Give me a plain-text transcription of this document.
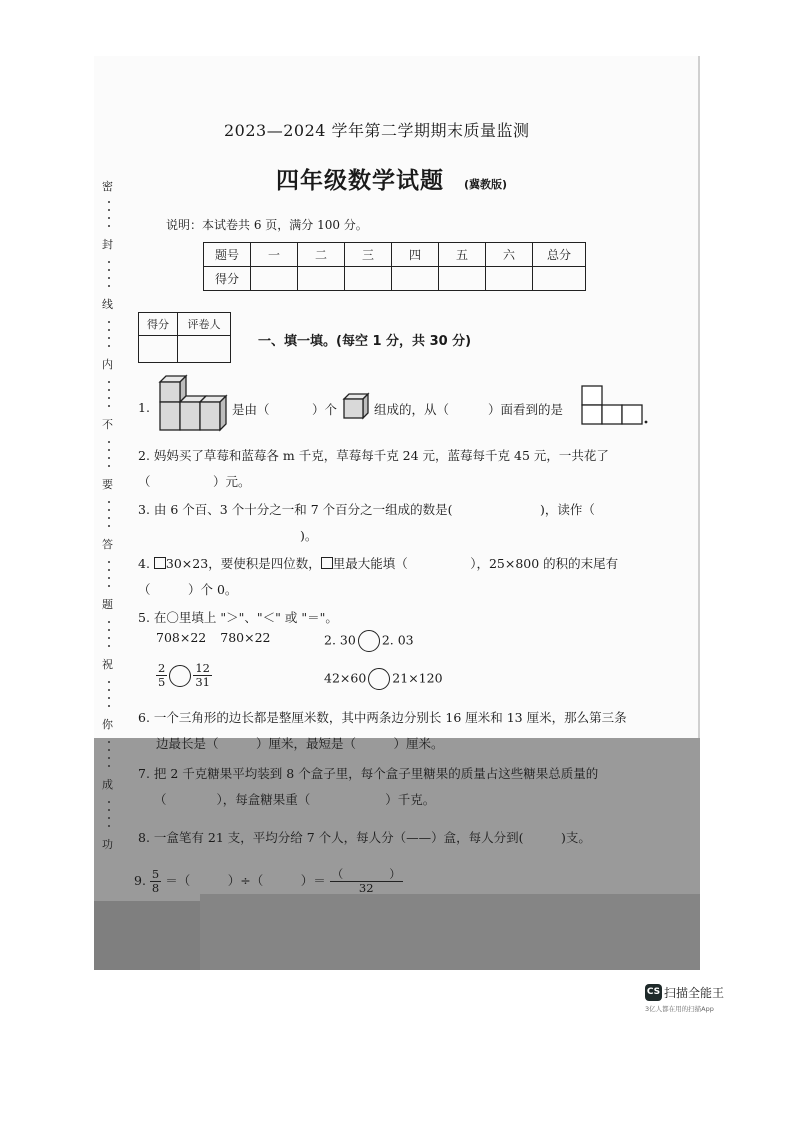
2023—2024 学年第二学期期末质量监测
四年级数学试题 (冀教版)
说明：本试卷共 6 页，满分 100 分。
题号	一	二	三	四	五	六	总分
得分							
得分	评卷人

一、填一填。(每空 1 分，共 30 分)
1.	是由（	）个	组成的，从（	）面看到的是
2. 妈妈买了草莓和蓝莓各 m 千克，草莓每千克 24 元，蓝莓每千克 45 元，一共花了
（　　　　　）元。
3. 由 6 个百、3 个十分之一和 7 个百分之一组成的数是(　　　　　　　)，读作（
)。
4. 30×23，要使积是四位数， 里最大能填（　　　　　），25×800 的积的末尾有
（　　　）个 0。
5. 在〇里填上 "＞"、"＜" 或 "＝"。
708×22 780×22	2. 30 2. 03
$\frac{2}{5} \frac{12}{31}$	42×60 21×120
6. 一个三角形的边长都是整厘米数，其中两条边分别长 16 厘米和 13 厘米，那么第三条
边最长是（　　　）厘米，最短是（　　　）厘米。
7. 把 2 千克糖果平均装到 8 个盒子里，每个盒子里糖果的质量占这些糖果总质量的
（　　　　），每盒糖果重（　　　　　　）千克。
8. 一盒笔有 21 支，平均分给 7 个人，每人分（——）盒，每人分到(　　　)支。
9. $\frac{5}{8}$ ＝（　　　）÷（　　　）＝ $\frac{( )}{32}$
密
封
线
内
不
要
答
题
祝
你
成
功
CS 扫描全能王
3亿人都在用的扫描App
